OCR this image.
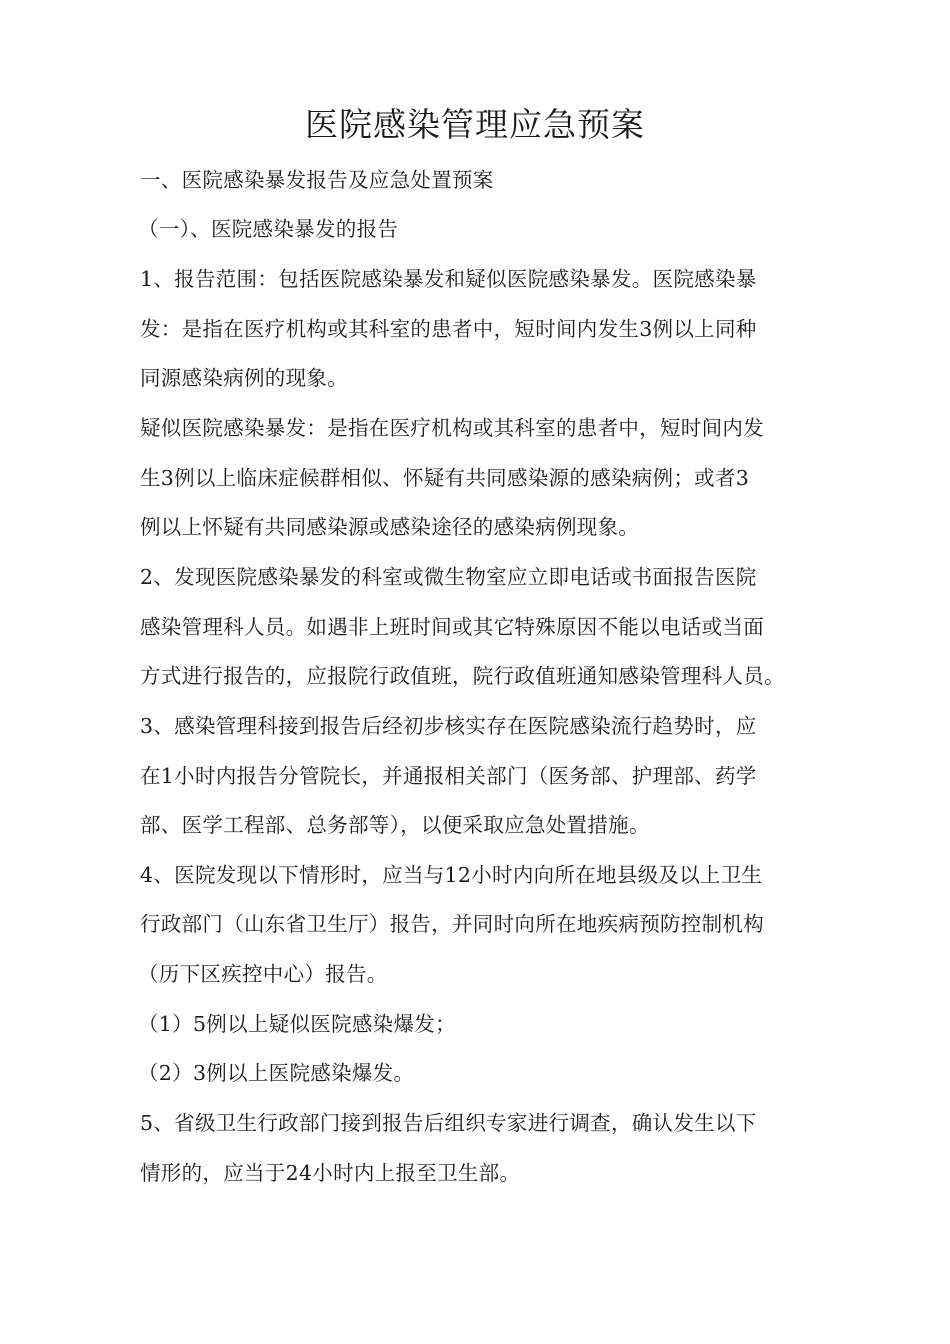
医院感染管理应急预案
一、医院感染暴发报告及应急处置预案
（一）、医院感染暴发的报告
1、报告范围：包括医院感染暴发和疑似医院感染暴发。医院感染暴
发：是指在医疗机构或其科室的患者中，短时间内发生3例以上同种
同源感染病例的现象。
疑似医院感染暴发：是指在医疗机构或其科室的患者中，短时间内发
生3例以上临床症候群相似、怀疑有共同感染源的感染病例；或者3
例以上怀疑有共同感染源或感染途径的感染病例现象。
2、发现医院感染暴发的科室或微生物室应立即电话或书面报告医院
感染管理科人员。如遇非上班时间或其它特殊原因不能以电话或当面
方式进行报告的，应报院行政值班，院行政值班通知感染管理科人员。
3、感染管理科接到报告后经初步核实存在医院感染流行趋势时，应
在1小时内报告分管院长，并通报相关部门（医务部、护理部、药学
部、医学工程部、总务部等），以便采取应急处置措施。
4、医院发现以下情形时，应当与12小时内向所在地县级及以上卫生
行政部门（山东省卫生厅）报告，并同时向所在地疾病预防控制机构
（历下区疾控中心）报告。
（1）5例以上疑似医院感染爆发；
（2）3例以上医院感染爆发。
5、省级卫生行政部门接到报告后组织专家进行调查，确认发生以下
情形的，应当于24小时内上报至卫生部。
